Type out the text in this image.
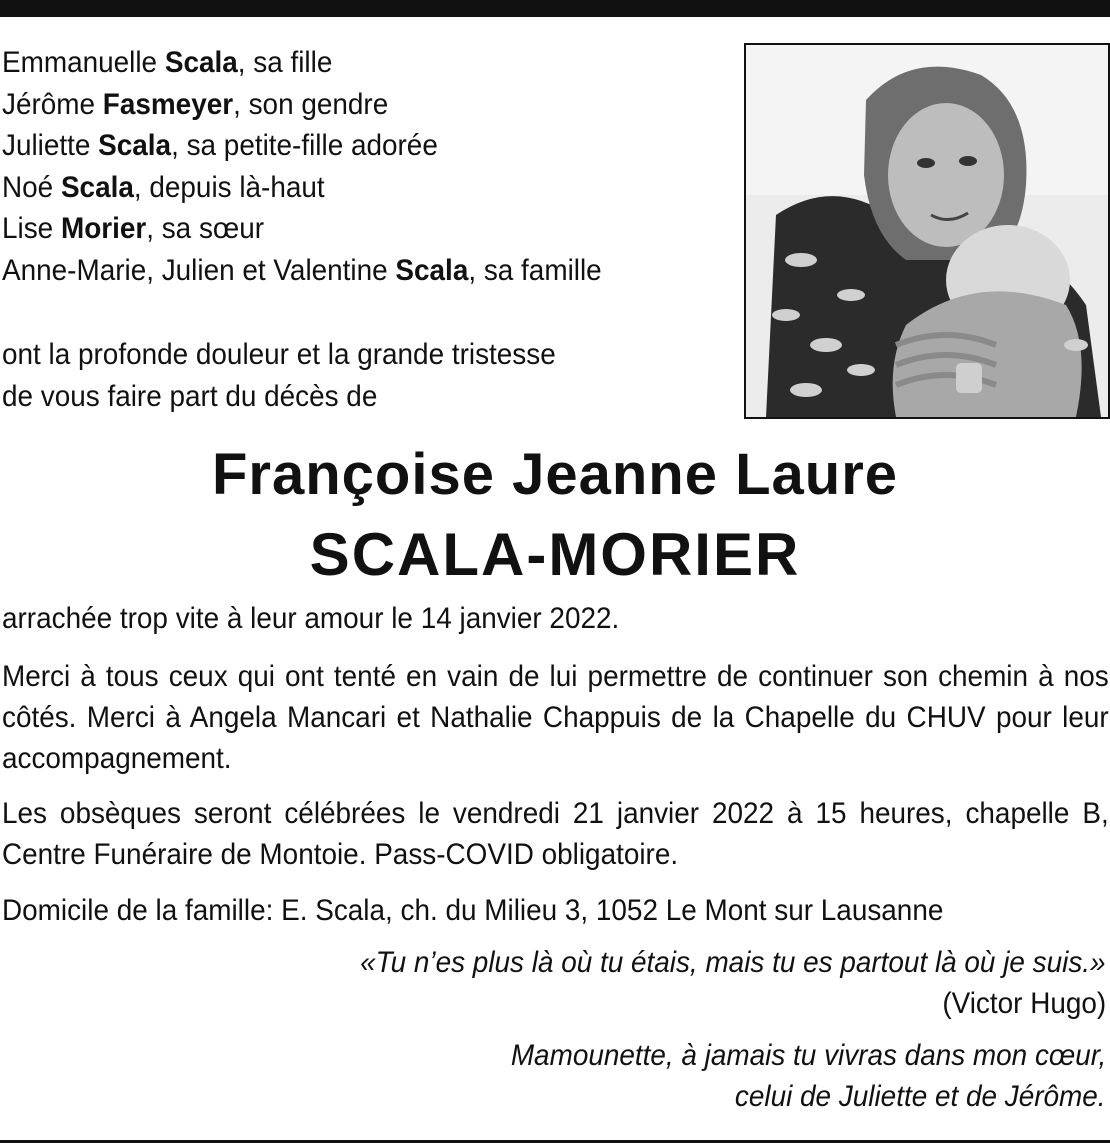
Emmanuelle Scala, sa fille
Jérôme Fasmeyer, son gendre
Juliette Scala, sa petite-fille adorée
Noé Scala, depuis là-haut
Lise Morier, sa sœur
Anne-Marie, Julien et Valentine Scala, sa famille
ont la profonde douleur et la grande tristesse
de vous faire part du décès de
Françoise Jeanne Laure
SCALA-MORIER

arrachée trop vite à leur amour le 14 janvier 2022.

Merci à tous ceux qui ont tenté en vain de lui permettre de continuer son chemin à nos côtés. Merci à Angela Mancari et Nathalie Chappuis de la Chapelle du CHUV pour leur accompagnement.

Les obsèques seront célébrées le vendredi 21 janvier 2022 à 15 heures, chapelle B, Centre Funéraire de Montoie. Pass-COVID obligatoire.

Domicile de la famille: E. Scala, ch. du Milieu 3, 1052 Le Mont sur Lausanne

«Tu n’es plus là où tu étais, mais tu es partout là où je suis.»
(Victor Hugo)
Mamounette, à jamais tu vivras dans mon cœur,
celui de Juliette et de Jérôme.
